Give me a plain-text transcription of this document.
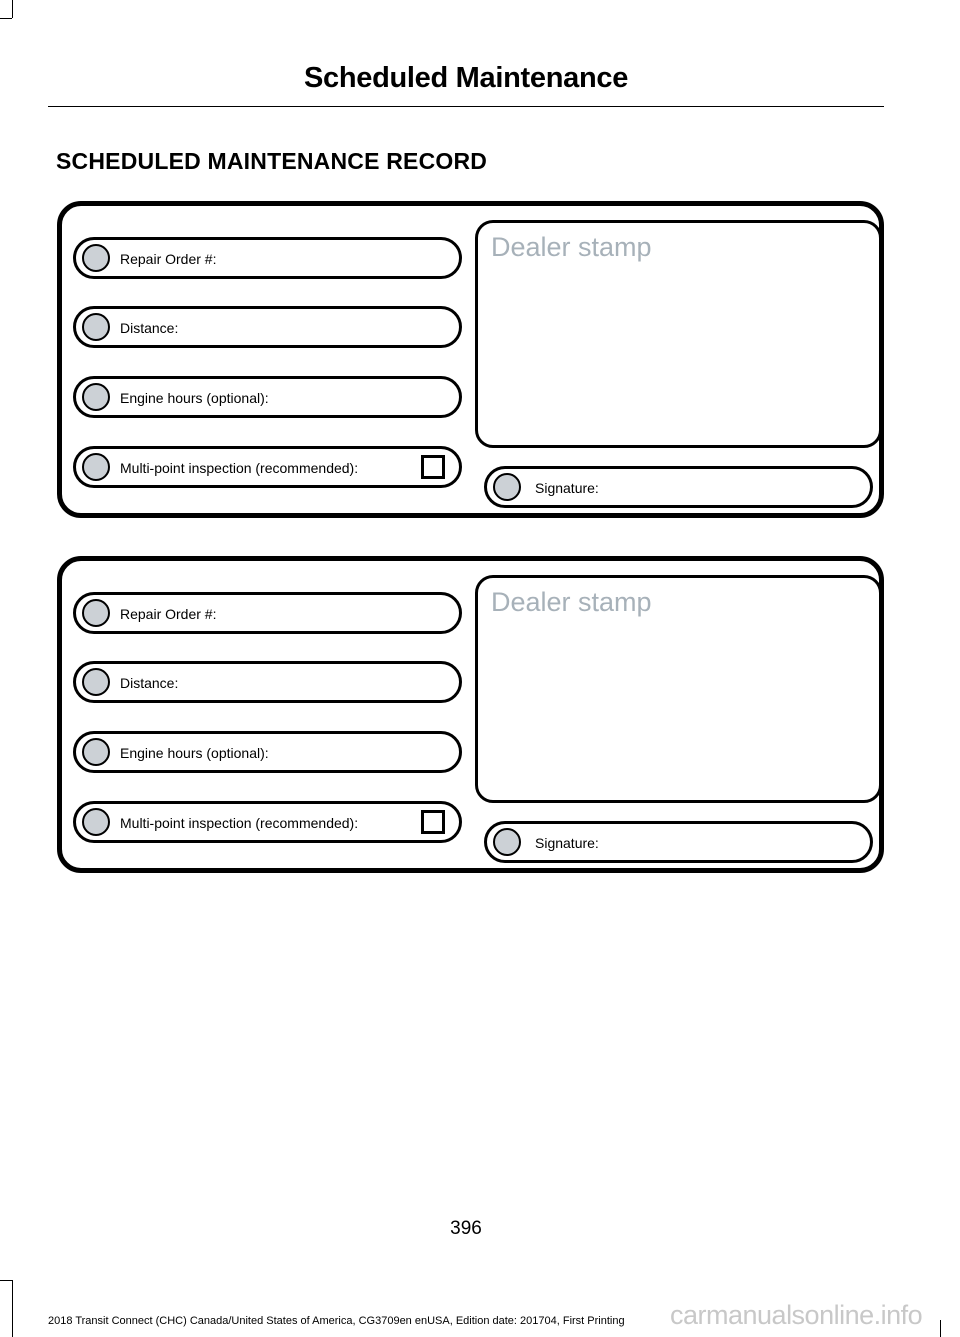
Scheduled Maintenance
SCHEDULED MAINTENANCE RECORD
Repair Order #:
Distance:
Engine hours (optional):
Multi-point inspection (recommended):
Dealer stamp
Signature:
Repair Order #:
Distance:
Engine hours (optional):
Multi-point inspection (recommended):
Dealer stamp
Signature:
396
2018 Transit Connect (CHC) Canada/United States of America, CG3709en enUSA, Edition date: 201704, First Printing carmanualsonline.info
